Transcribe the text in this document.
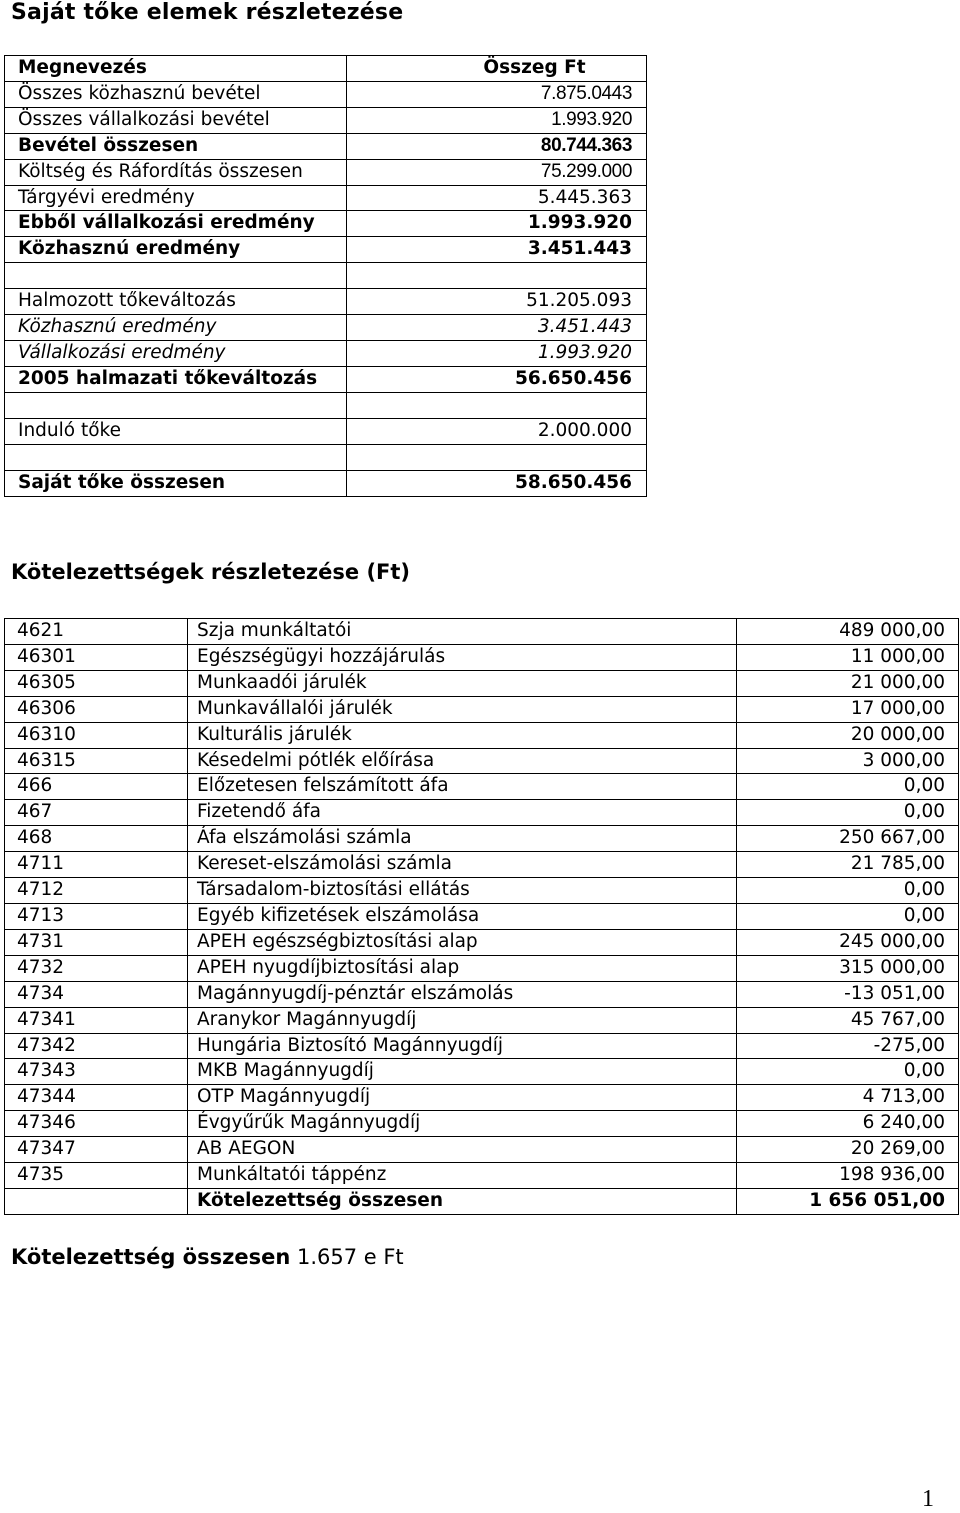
Saját tőke elemek részletezése
Megnevezés	Összeg Ft
Összes közhasznú bevétel	7.875.0443
Összes vállalkozási bevétel	1.993.920
Bevétel összesen	80.744.363
Költség és Ráfordítás összesen	75.299.000
Tárgyévi eredmény	5.445.363
Ebből vállalkozási eredmény	1.993.920
Közhasznú eredmény	3.451.443

Halmozott tőkeváltozás	51.205.093
Közhasznú eredmény	3.451.443
Vállalkozási eredmény	1.993.920
2005 halmazati tőkeváltozás	56.650.456

Induló tőke	2.000.000

Saját tőke összesen	58.650.456
Kötelezettségek részletezése (Ft)
4621	Szja munkáltatói	489 000,00
46301	Egészségügyi hozzájárulás	11 000,00
46305	Munkaadói járulék	21 000,00
46306	Munkavállalói járulék	17 000,00
46310	Kulturális járulék	20 000,00
46315	Késedelmi pótlék előírása	3 000,00
466	Előzetesen felszámított áfa	0,00
467	Fizetendő áfa	0,00
468	Áfa elszámolási számla	250 667,00
4711	Kereset-elszámolási számla	21 785,00
4712	Társadalom-biztosítási ellátás	0,00
4713	Egyéb kifizetések elszámolása	0,00
4731	APEH egészségbiztosítási alap	245 000,00
4732	APEH nyugdíjbiztosítási alap	315 000,00
4734	Magánnyugdíj-pénztár elszámolás	-13 051,00
47341	Aranykor Magánnyugdíj	45 767,00
47342	Hungária Biztosító Magánnyugdíj	-275,00
47343	MKB Magánnyugdíj	0,00
47344	OTP Magánnyugdíj	4 713,00
47346	Évgyűrűk Magánnyugdíj	6 240,00
47347	AB AEGON	20 269,00
4735	Munkáltatói táppénz	198 936,00
	Kötelezettség összesen	1 656 051,00
Kötelezettség összesen 1.657 e Ft
1
